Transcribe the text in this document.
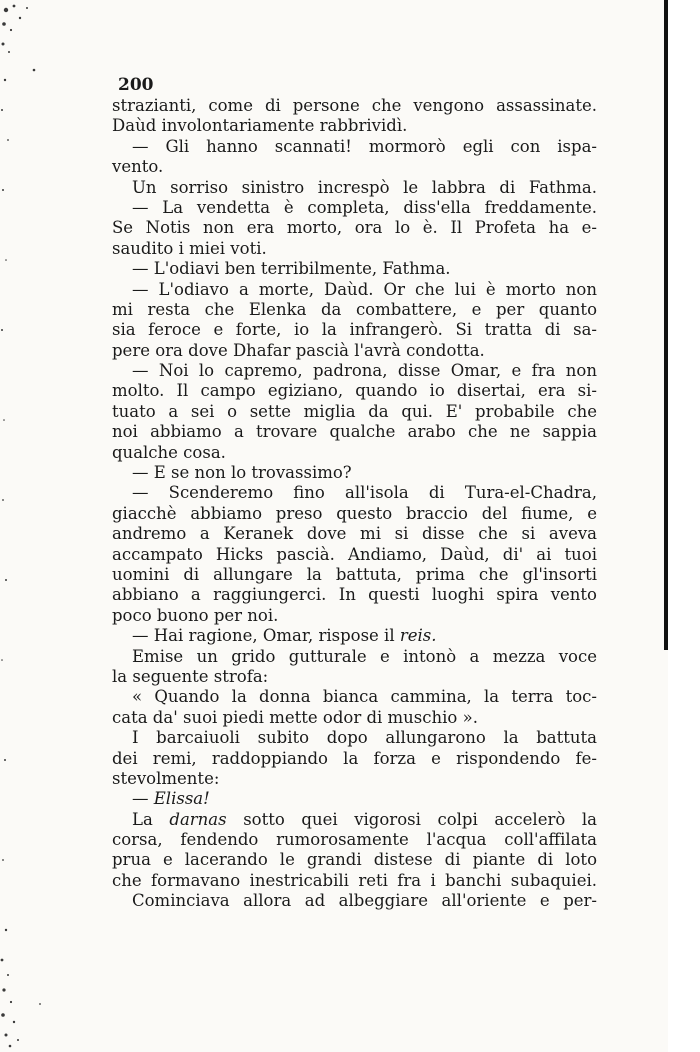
200
strazianti, come di persone che vengono assassinate.
Daùd involontariamente rabbrividì.
— Gli hanno scannati! mormorò egli con ispa-
vento.
Un sorriso sinistro increspò le labbra di Fathma.
— La vendetta è completa, diss'ella freddamente.
Se Notis non era morto, ora lo è. Il Profeta ha e-
saudito i miei voti.
— L'odiavi ben terribilmente, Fathma.
— L'odiavo a morte, Daùd. Or che lui è morto non
mi resta che Elenka da combattere, e per quanto
sia feroce e forte, io la infrangerò. Si tratta di sa-
pere ora dove Dhafar pascià l'avrà condotta.
— Noi lo capremo, padrona, disse Omar, e fra non
molto. Il campo egiziano, quando io disertai, era si-
tuato a sei o sette miglia da qui. E' probabile che
noi abbiamo a trovare qualche arabo che ne sappia
qualche cosa.
— E se non lo trovassimo?
— Scenderemo fino all'isola di Tura-el-Chadra,
giacchè abbiamo preso questo braccio del fiume, e
andremo a Keranek dove mi si disse che si aveva
accampato Hicks pascià. Andiamo, Daùd, di' ai tuoi
uomini di allungare la battuta, prima che gl'insorti
abbiano a raggiungerci. In questi luoghi spira vento
poco buono per noi.
— Hai ragione, Omar, rispose il reis.
Emise un grido gutturale e intonò a mezza voce
la seguente strofa:
« Quando la donna bianca cammina, la terra toc-
cata da' suoi piedi mette odor di muschio ».
I barcaiuoli subito dopo allungarono la battuta
dei remi, raddoppiando la forza e rispondendo fe-
stevolmente:
— Elissa!
La darnas sotto quei vigorosi colpi accelerò la
corsa, fendendo rumorosamente l'acqua coll'affilata
prua e lacerando le grandi distese di piante di loto
che formavano inestricabili reti fra i banchi subaquiei.
Cominciava allora ad albeggiare all'oriente e per-
